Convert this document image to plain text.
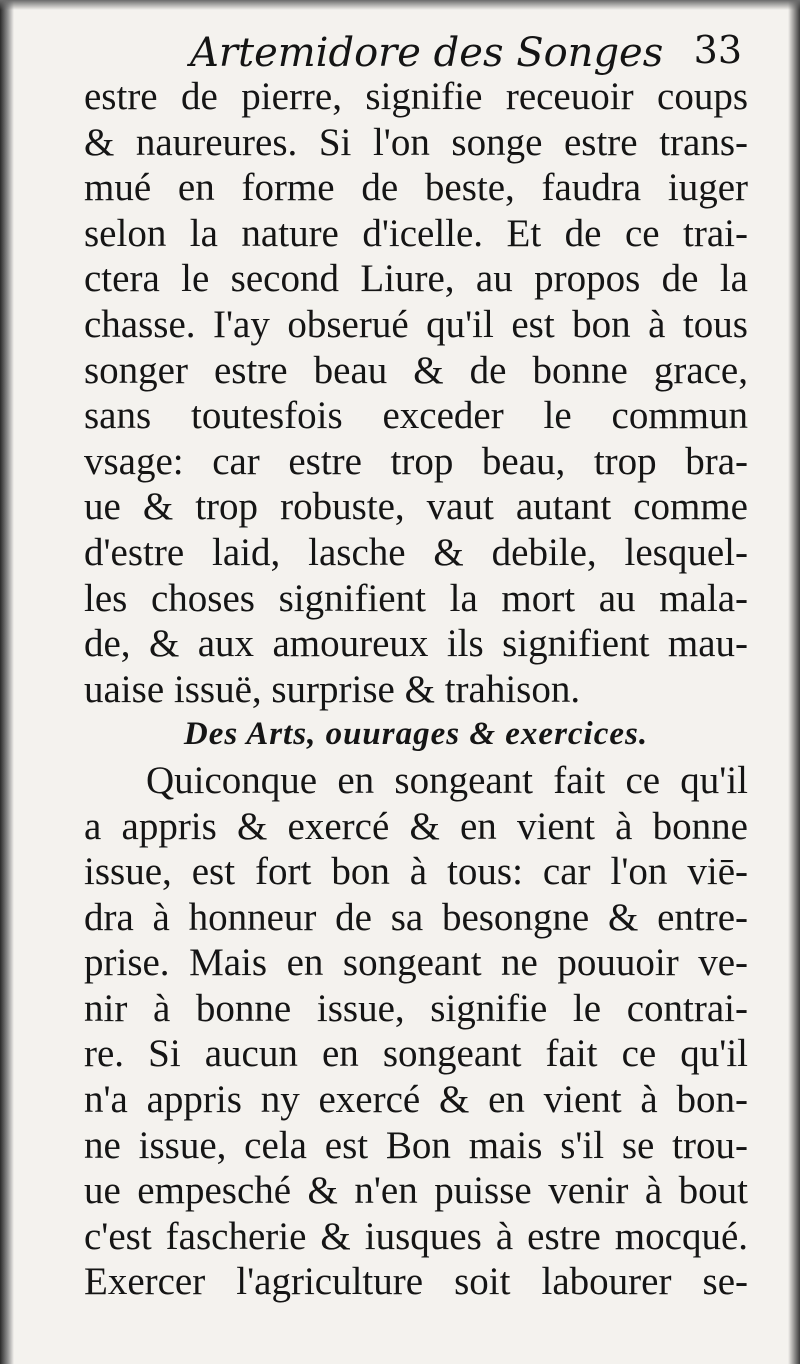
Artemidore des Songes 33
estre de pierre, signifie receuoir coups
& naureures. Si l'on songe estre trans-
mué en forme de beste, faudra iuger
selon la nature d'icelle. Et de ce trai-
ctera le second Liure, au propos de la
chasse. I'ay obserué qu'il est bon à tous
songer estre beau & de bonne grace,
sans toutesfois exceder le commun
vsage: car estre trop beau, trop bra-
ue & trop robuste, vaut autant comme
d'estre laid, lasche & debile, lesquel-
les choses signifient la mort au mala-
de, & aux amoureux ils signifient mau-
uaise issuë, surprise & trahison.
Des Arts, ouurages & exercices.
Quiconque en songeant fait ce qu'il
a appris & exercé & en vient à bonne
issue, est fort bon à tous: car l'on viē-
dra à honneur de sa besongne & entre-
prise. Mais en songeant ne pouuoir ve-
nir à bonne issue, signifie le contrai-
re. Si aucun en songeant fait ce qu'il
n'a appris ny exercé & en vient à bon-
ne issue, cela est Bon mais s'il se trou-
ue empesché & n'en puisse venir à bout
c'est fascherie & iusques à estre mocqué.
Exercer l'agriculture soit labourer se-
